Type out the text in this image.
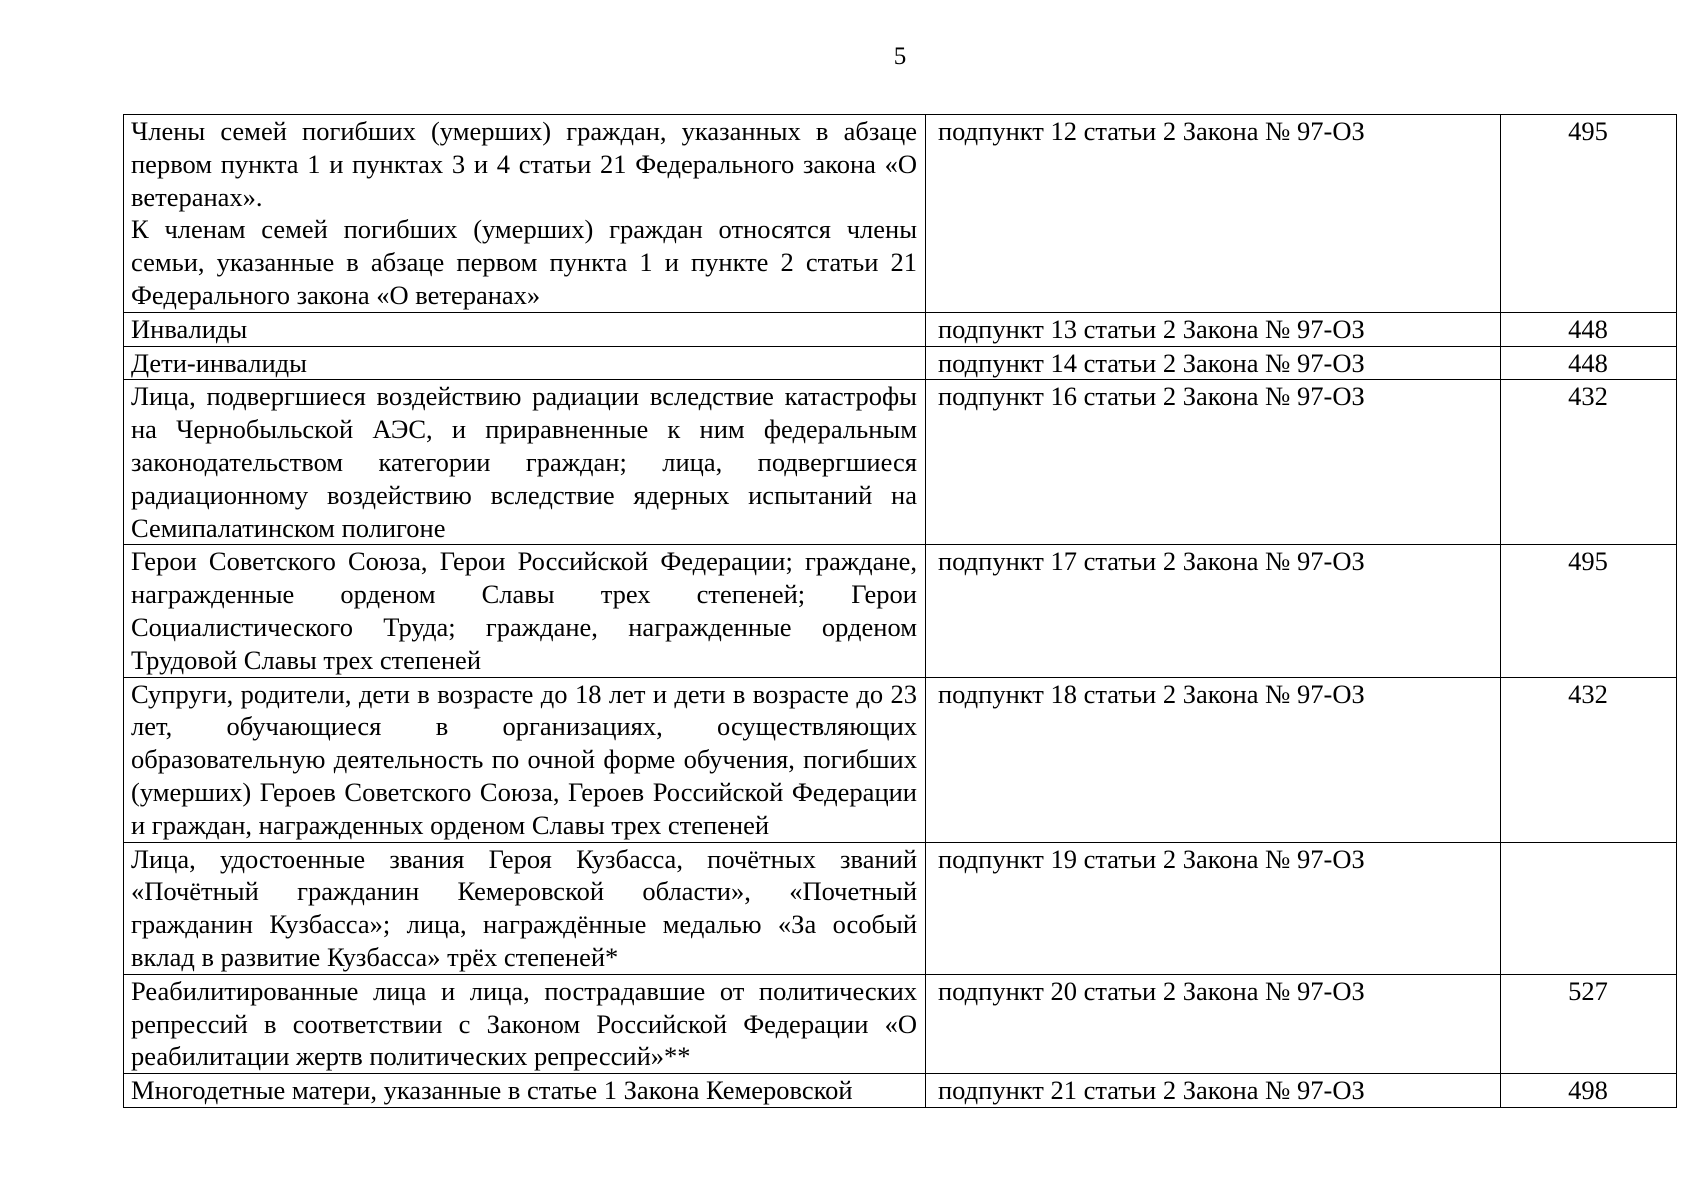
5
Члены семей погибших (умерших) граждан, указанных в абзаце первом пункта 1 и пунктах 3 и 4 статьи 21 Федерального закона «О ветеранах».
К членам семей погибших (умерших) граждан относятся члены семьи, указанные в абзаце первом пункта 1 и пункте 2 статьи 21 Федерального закона «О ветеранах»	подпункт 12 статьи 2 Закона № 97-ОЗ	495

Инвалиды	подпункт 13 статьи 2 Закона № 97-ОЗ	448

Дети-инвалиды	подпункт 14 статьи 2 Закона № 97-ОЗ	448

Лица, подвергшиеся воздействию радиации вследствие катастрофы на Чернобыльской АЭС, и приравненные к ним федеральным законодательством категории граждан; лица, подвергшиеся радиационному воздействию вследствие ядерных испытаний на Семипалатинском полигоне	подпункт 16 статьи 2 Закона № 97-ОЗ	432

Герои Советского Союза, Герои Российской Федерации; граждане, награжденные орденом Славы трех степеней; Герои Социалистического Труда; граждане, награжденные орденом Трудовой Славы трех степеней	подпункт 17 статьи 2 Закона № 97-ОЗ	495

Супруги, родители, дети в возрасте до 18 лет и дети в возрасте до 23 лет, обучающиеся в организациях, осуществляющих образовательную деятельность по очной форме обучения, погибших (умерших) Героев Советского Союза, Героев Российской Федерации и граждан, награжденных орденом Славы трех степеней	подпункт 18 статьи 2 Закона № 97-ОЗ	432

Лица, удостоенные звания Героя Кузбасса, почётных званий «Почётный гражданин Кемеровской области», «Почетный гражданин Кузбасса»; лица, награждённые медалью «За особый вклад в развитие Кузбасса» трёх степеней*	подпункт 19 статьи 2 Закона № 97-ОЗ	

Реабилитированные лица и лица, пострадавшие от политических репрессий в соответствии с Законом Российской Федерации «О реабилитации жертв политических репрессий»**	подпункт 20 статьи 2 Закона № 97-ОЗ	527

Многодетные матери, указанные в статье 1 Закона Кемеровской	подпункт 21 статьи 2 Закона № 97-ОЗ	498
